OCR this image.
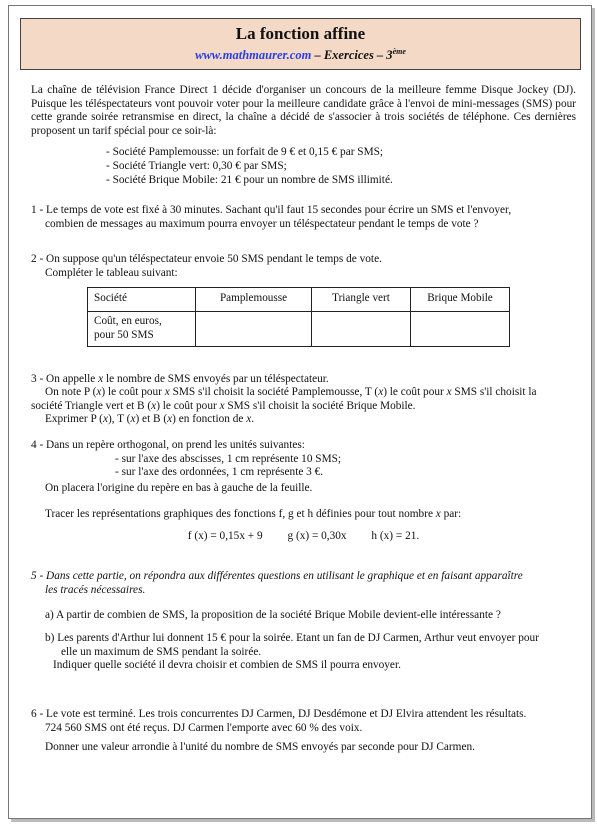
La fonction affine
www.mathmaurer.com – Exercices – 3ème

La chaîne de télévision France Direct 1 décide d'organiser un concours de la meilleure femme Disque Jockey (DJ). Puisque les téléspectateurs vont pouvoir voter pour la meilleure candidate grâce à l'envoi de mini-messages (SMS) pour cette grande soirée retransmise en direct, la chaîne a décidé de s'associer à trois sociétés de téléphone. Ces dernières proposent un tarif spécial pour ce soir-là:

- Société Pamplemousse: un forfait de 9 € et 0,15 € par SMS;
- Société Triangle vert: 0,30 € par SMS;
- Société Brique Mobile: 21 € pour un nombre de SMS illimité.
1 - Le temps de vote est fixé à 30 minutes. Sachant qu'il faut 15 secondes pour écrire un SMS et l'envoyer,
combien de messages au maximum pourra envoyer un téléspectateur pendant le temps de vote ?
2 - On suppose qu'un téléspectateur envoie 50 SMS pendant le temps de vote.
Compléter le tableau suivant:
Société	Pamplemousse	Triangle vert	Brique Mobile
Coût, en euros,
pour 50 SMS			
3 - On appelle x le nombre de SMS envoyés par un téléspectateur.
On note P (x) le coût pour x SMS s'il choisit la société Pamplemousse, T (x) le coût pour x SMS s'il choisit la
société Triangle vert et B (x) le coût pour x SMS s'il choisit la société Brique Mobile.
Exprimer P (x), T (x) et B (x) en fonction de x.
4 - Dans un repère orthogonal, on prend les unités suivantes:
- sur l'axe des abscisses, 1 cm représente 10 SMS;
- sur l'axe des ordonnées, 1 cm représente 3 €.
On placera l'origine du repère en bas à gauche de la feuille.
Tracer les représentations graphiques des fonctions f, g et h définies pour tout nombre x par:
f (x) = 0,15x + 9 g (x) = 0,30x h (x) = 21.
5 - Dans cette partie, on répondra aux différentes questions en utilisant le graphique et en faisant apparaître
les tracés nécessaires.
a) A partir de combien de SMS, la proposition de la société Brique Mobile devient-elle intéressante ?
b) Les parents d'Arthur lui donnent 15 € pour la soirée. Etant un fan de DJ Carmen, Arthur veut envoyer pour
elle un maximum de SMS pendant la soirée.
Indiquer quelle société il devra choisir et combien de SMS il pourra envoyer.
6 - Le vote est terminé. Les trois concurrentes DJ Carmen, DJ Desdémone et DJ Elvira attendent les résultats.
724 560 SMS ont été reçus. DJ Carmen l'emporte avec 60 % des voix.
Donner une valeur arrondie à l'unité du nombre de SMS envoyés par seconde pour DJ Carmen.
